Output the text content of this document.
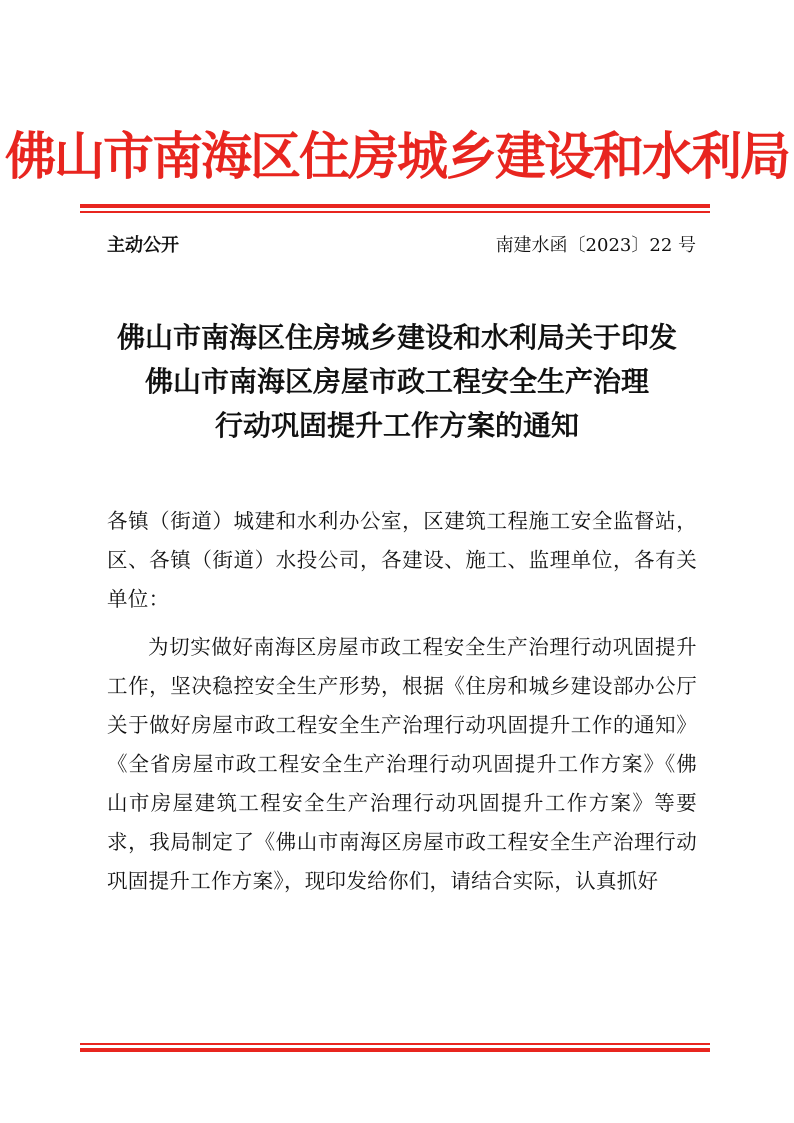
佛山市南海区住房城乡建设和水利局
主动公开	南建水函〔2023〕22 号
佛山市南海区住房城乡建设和水利局关于印发
佛山市南海区房屋市政工程安全生产治理
行动巩固提升工作方案的通知

各镇（街道）城建和水利办公室，区建筑工程施工安全监督站，区、各镇（街道）水投公司，各建设、施工、监理单位，各有关单位：

为切实做好南海区房屋市政工程安全生产治理行动巩固提升工作，坚决稳控安全生产形势，根据《住房和城乡建设部办公厅关于做好房屋市政工程安全生产治理行动巩固提升工作的通知》《全省房屋市政工程安全生产治理行动巩固提升工作方案》《佛山市房屋建筑工程安全生产治理行动巩固提升工作方案》等要求，我局制定了《佛山市南海区房屋市政工程安全生产治理行动巩固提升工作方案》，现印发给你们，请结合实际，认真抓好
